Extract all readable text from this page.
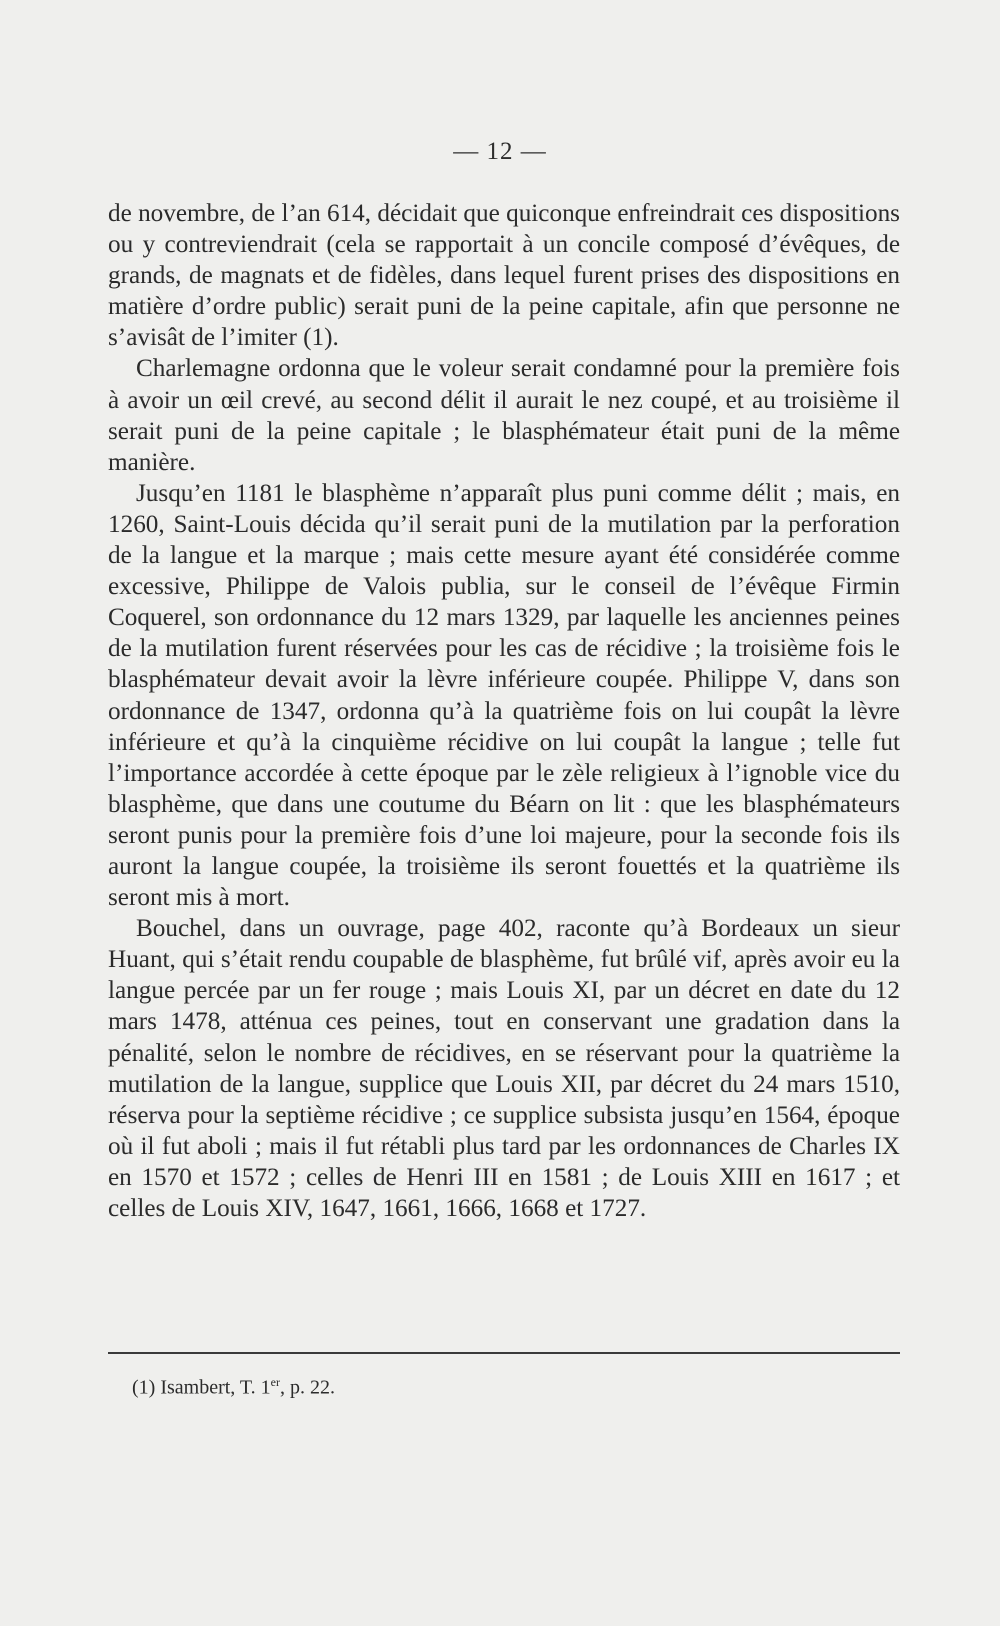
— 12 —

de novembre, de l’an 614, décidait que quiconque enfreindrait ces dispositions ou y contreviendrait (cela se rapportait à un concile composé d’évêques, de grands, de magnats et de fidèles, dans lequel furent prises des dispositions en matière d’ordre public) serait puni de la peine capitale, afin que personne ne s’avisât de l’imiter (1).

Charlemagne ordonna que le voleur serait condamné pour la première fois à avoir un œil crevé, au second délit il aurait le nez coupé, et au troisième il serait puni de la peine capitale ; le blasphémateur était puni de la même manière.

Jusqu’en 1181 le blasphème n’apparaît plus puni comme délit ; mais, en 1260, Saint-Louis décida qu’il serait puni de la mutilation par la perforation de la langue et la marque ; mais cette mesure ayant été considérée comme excessive, Philippe de Valois publia, sur le conseil de l’évêque Firmin Coquerel, son ordonnance du 12 mars 1329, par laquelle les anciennes peines de la mutilation furent réservées pour les cas de récidive ; la troisième fois le blasphémateur devait avoir la lèvre inférieure coupée. Philippe V, dans son ordonnance de 1347, ordonna qu’à la quatrième fois on lui coupât la lèvre inférieure et qu’à la cinquième récidive on lui coupât la langue ; telle fut l’importance accordée à cette époque par le zèle religieux à l’ignoble vice du blasphème, que dans une coutume du Béarn on lit : que les blasphémateurs seront punis pour la première fois d’une loi majeure, pour la seconde fois ils auront la langue coupée, la troisième ils seront fouettés et la quatrième ils seront mis à mort.

Bouchel, dans un ouvrage, page 402, raconte qu’à Bordeaux un sieur Huant, qui s’était rendu coupable de blasphème, fut brûlé vif, après avoir eu la langue percée par un fer rouge ; mais Louis XI, par un décret en date du 12 mars 1478, atténua ces peines, tout en conservant une gradation dans la pénalité, selon le nombre de récidives, en se réservant pour la quatrième la mutilation de la langue, supplice que Louis XII, par décret du 24 mars 1510, réserva pour la septième récidive ; ce supplice subsista jusqu’en 1564, époque où il fut aboli ; mais il fut rétabli plus tard par les ordonnances de Charles IX en 1570 et 1572 ; celles de Henri III en 1581 ; de Louis XIII en 1617 ; et celles de Louis XIV, 1647, 1661, 1666, 1668 et 1727.

(1) Isambert, T. 1er, p. 22.
